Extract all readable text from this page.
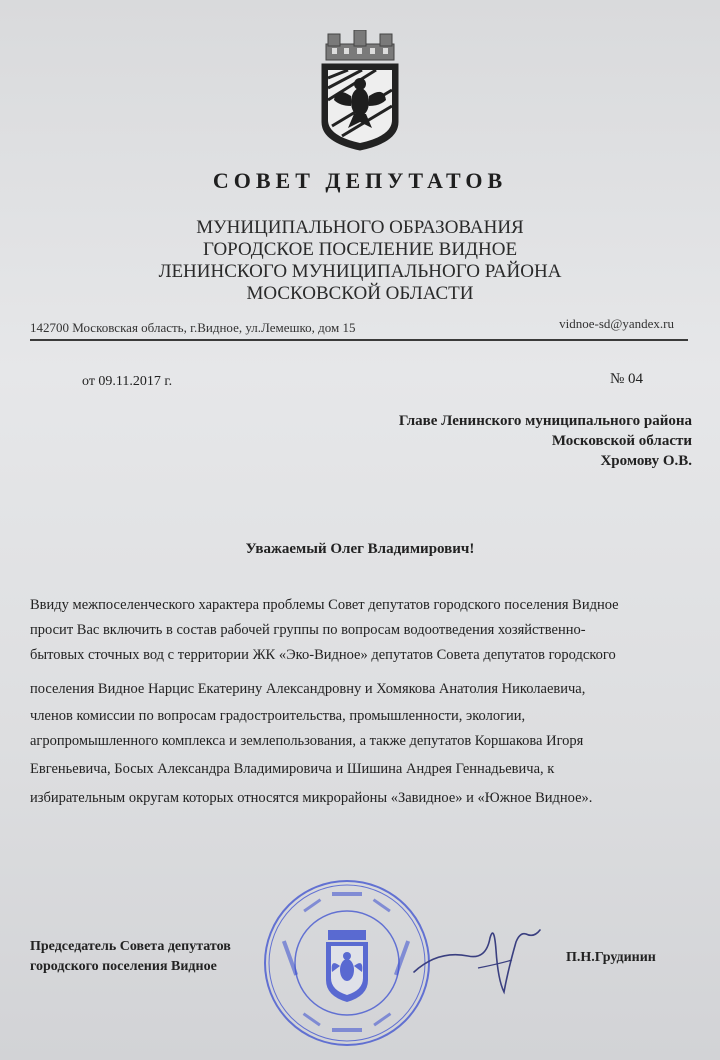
СОВЕТ ДЕПУТАТОВ
МУНИЦИПАЛЬНОГО ОБРАЗОВАНИЯ
ГОРОДСКОЕ ПОСЕЛЕНИЕ ВИДНОЕ
ЛЕНИНСКОГО МУНИЦИПАЛЬНОГО РАЙОНА
МОСКОВСКОЙ ОБЛАСТИ
142700 Московская область, г.Видное, ул.Лемешко, дом 15	vidnoe-sd@yandex.ru
от 09.11.2017 г.	№ 04
Главе Ленинского муниципального района
Московской области
Хромову О.В.
Уважаемый Олег Владимирович!
Ввиду межпоселенческого характера проблемы Совет депутатов городского поселения Видное
просит Вас включить в состав рабочей группы по вопросам водоотведения хозяйственно-
бытовых сточных вод с территории ЖК «Эко-Видное» депутатов Совета депутатов городского
поселения Видное Нарцис Екатерину Александровну и Хомякова Анатолия Николаевича,
членов комиссии по вопросам градостроительства, промышленности, экологии,
агропромышленного комплекса и землепользования, а также депутатов Коршакова Игоря
Евгеньевича, Босых Александра Владимировича и Шишина Андрея Геннадьевича, к
избирательным округам которых относятся микрорайоны «Завидное» и «Южное Видное».
Председатель Совета депутатов
городского поселения Видное
П.Н.Грудинин
